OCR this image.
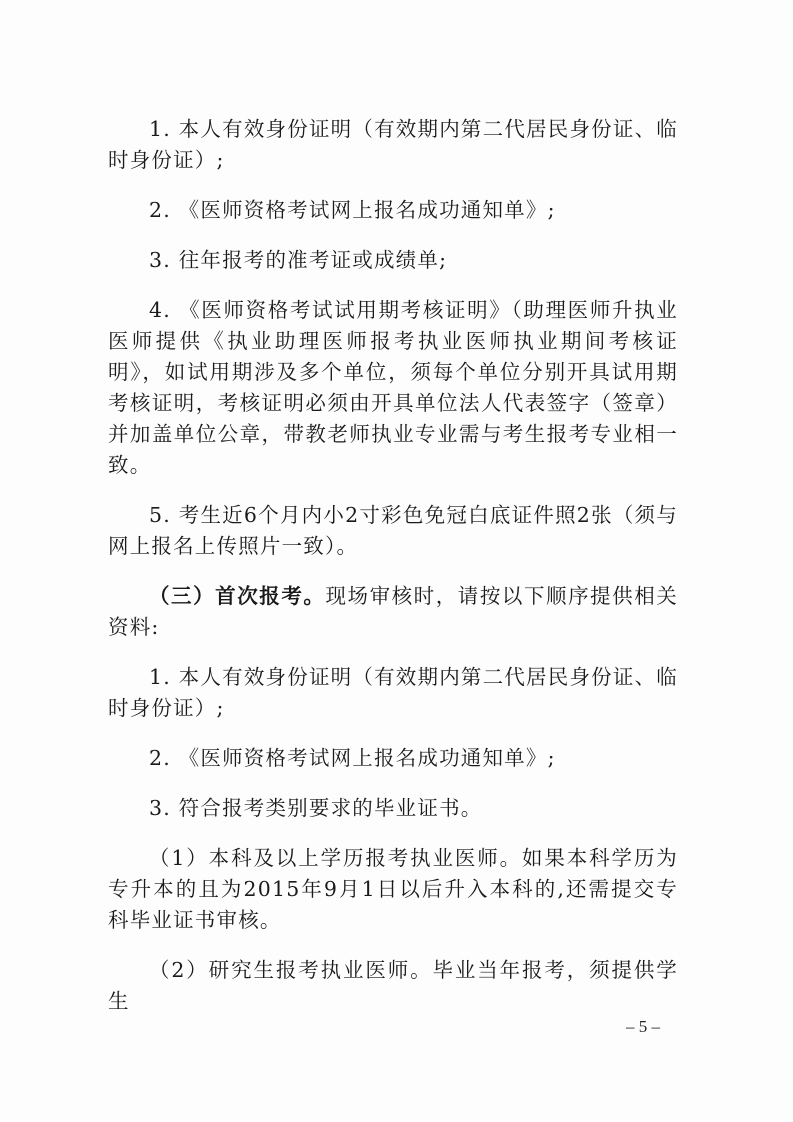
1. 本人有效身份证明（有效期内第二代居民身份证、临时身份证）;

2. 《医师资格考试网上报名成功通知单》;

3. 往年报考的准考证或成绩单;

4. 《医师资格考试试用期考核证明》（助理医师升执业医师提供《执业助理医师报考执业医师执业期间考核证明》，如试用期涉及多个单位，须每个单位分别开具试用期考核证明，考核证明必须由开具单位法人代表签字（签章）并加盖单位公章，带教老师执业专业需与考生报考专业相一致。

5. 考生近6个月内小2寸彩色免冠白底证件照2张（须与网上报名上传照片一致）。

（三）首次报考。现场审核时，请按以下顺序提供相关资料:

1. 本人有效身份证明（有效期内第二代居民身份证、临时身份证）;

2. 《医师资格考试网上报名成功通知单》;

3. 符合报考类别要求的毕业证书。

（1）本科及以上学历报考执业医师。如果本科学历为专升本的且为2015年9月1日以后升入本科的,还需提交专科毕业证书审核。

（2）研究生报考执业医师。毕业当年报考，须提供学生

– 5 –
